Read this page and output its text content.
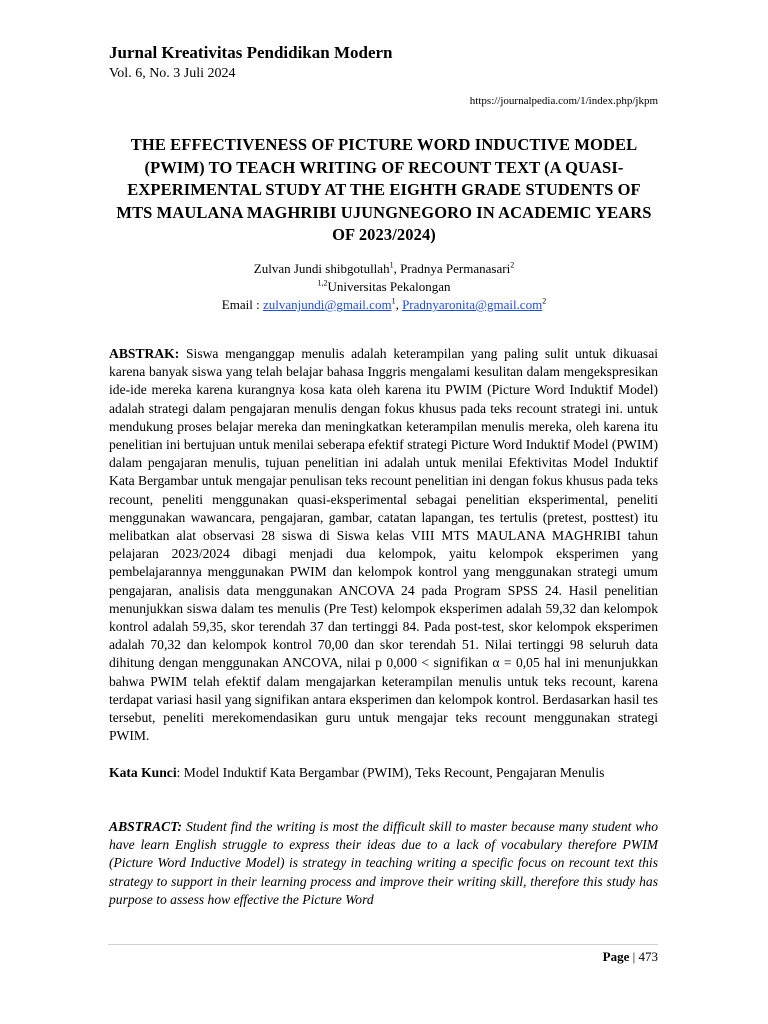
Jurnal Kreativitas Pendidikan Modern
Vol. 6, No. 3 Juli 2024
https://journalpedia.com/1/index.php/jkpm
THE EFFECTIVENESS OF PICTURE WORD INDUCTIVE MODEL (PWIM) TO TEACH WRITING OF RECOUNT TEXT (A QUASI-EXPERIMENTAL STUDY AT THE EIGHTH GRADE STUDENTS OF MTS MAULANA MAGHRIBI UJUNGNEGORO IN ACADEMIC YEARS OF 2023/2024)
Zulvan Jundi shibgotullah$^1$, Pradnya Permanasari$^2$
$^{1,2}$Universitas Pekalongan
Email : zulvanjundi@gmail.com$^1$, Pradnyaronita@gmail.com$^2$

ABSTRAK: Siswa menganggap menulis adalah keterampilan yang paling sulit untuk dikuasai karena banyak siswa yang telah belajar bahasa Inggris mengalami kesulitan dalam mengekspresikan ide-ide mereka karena kurangnya kosa kata oleh karena itu PWIM (Picture Word Induktif Model) adalah strategi dalam pengajaran menulis dengan fokus khusus pada teks recount strategi ini. untuk mendukung proses belajar mereka dan meningkatkan keterampilan menulis mereka, oleh karena itu penelitian ini bertujuan untuk menilai seberapa efektif strategi Picture Word Induktif Model (PWIM) dalam pengajaran menulis, tujuan penelitian ini adalah untuk menilai Efektivitas Model Induktif Kata Bergambar untuk mengajar penulisan teks recount penelitian ini dengan fokus khusus pada teks recount, peneliti menggunakan quasi-eksperimental sebagai penelitian eksperimental, peneliti menggunakan wawancara, pengajaran, gambar, catatan lapangan, tes tertulis (pretest, posttest) itu melibatkan alat observasi 28 siswa di Siswa kelas VIII MTS MAULANA MAGHRIBI tahun pelajaran 2023/2024 dibagi menjadi dua kelompok, yaitu kelompok eksperimen yang pembelajarannya menggunakan PWIM dan kelompok kontrol yang menggunakan strategi umum pengajaran, analisis data menggunakan ANCOVA 24 pada Program SPSS 24. Hasil penelitian menunjukkan siswa dalam tes menulis (Pre Test) kelompok eksperimen adalah 59,32 dan kelompok kontrol adalah 59,35, skor terendah 37 dan tertinggi 84. Pada post-test, skor kelompok eksperimen adalah 70,32 dan kelompok kontrol 70,00 dan skor terendah 51. Nilai tertinggi 98 seluruh data dihitung dengan menggunakan ANCOVA, nilai p 0,000 < signifikan α = 0,05 hal ini menunjukkan bahwa PWIM telah efektif dalam mengajarkan keterampilan menulis untuk teks recount, karena terdapat variasi hasil yang signifikan antara eksperimen dan kelompok kontrol. Berdasarkan hasil tes tersebut, peneliti merekomendasikan guru untuk mengajar teks recount menggunakan strategi PWIM.

Kata Kunci: Model Induktif Kata Bergambar (PWIM), Teks Recount, Pengajaran Menulis

ABSTRACT: Student find the writing is most the difficult skill to master because many student who have learn English struggle to express their ideas due to a lack of vocabulary therefore PWIM (Picture Word Inductive Model) is strategy in teaching writing a specific focus on recount text this strategy to support in their learning process and improve their writing skill, therefore this study has purpose to assess how effective the Picture Word

Page | 473
